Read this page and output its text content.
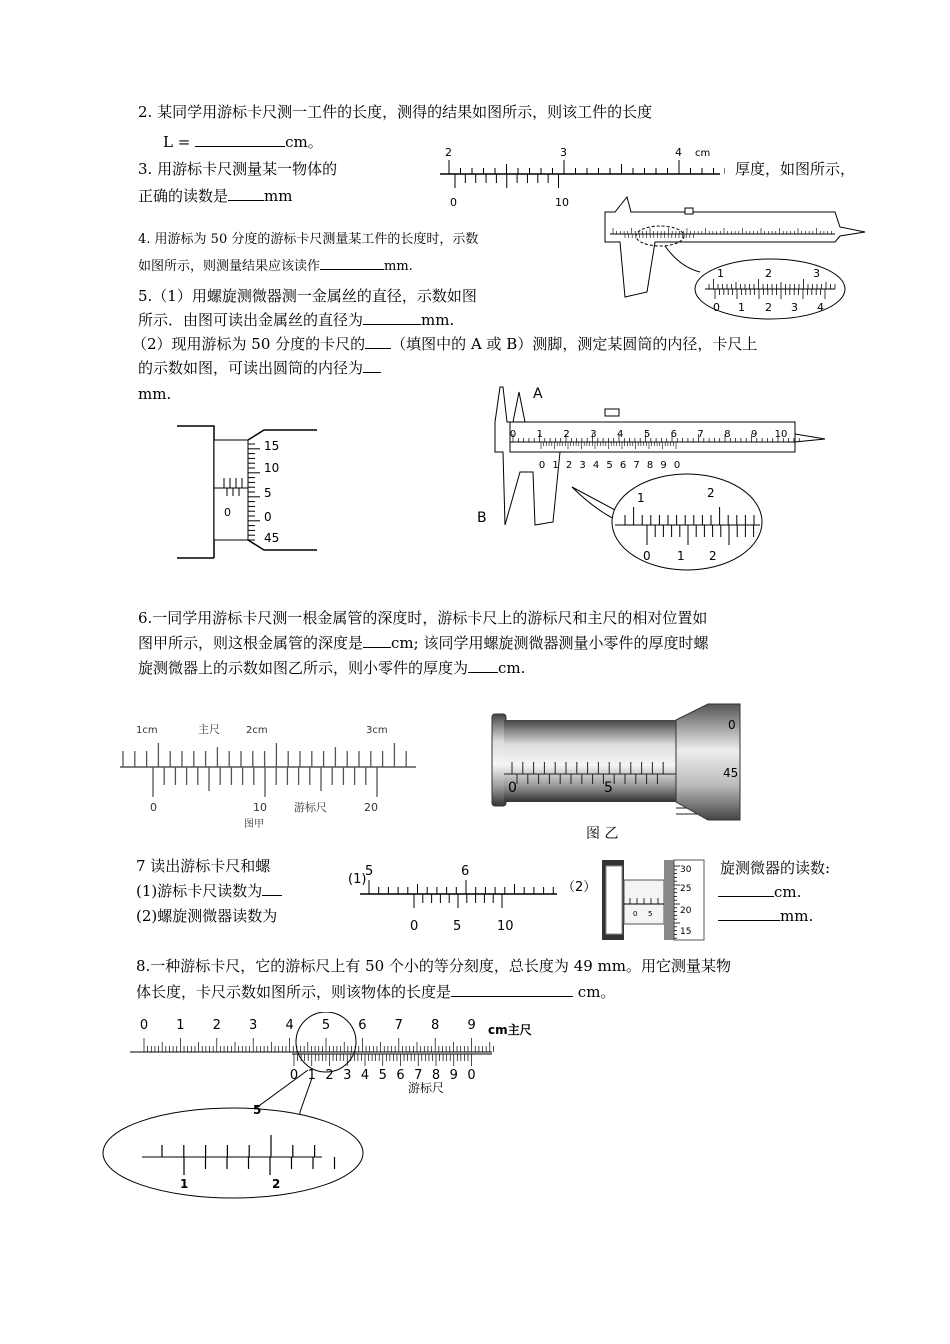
2. 某同学用游标卡尺测一工件的长度，测得的结果如图所示，则该工件的长度
L =	cm。
3. 用游标卡尺测量某一物体的	厚度，如图所示，
正确的读数是 mm
2	3	4 cm
0	10
4. 用游标为 50 分度的游标卡尺测量某工件的长度时，示数
如图所示，则测量结果应该读作	mm.	1	2	3
0 1 2 3 4
5.（1）用螺旋测微器测一金属丝的直径，示数如图
所示．由图可读出金属丝的直径为	mm.
（2）现用游标为 50 分度的卡尺的 （填图中的 A 或 B）测脚，测定某圆筒的内径，卡尺上
的示数如图，可读出圆筒的内径为
mm.
0
15
10
5
0
45
0 1 2 3 4 5 6 7 8 9 10
0 1 2 3 4 5 6 7 8 9 0
A
B
1	2
0 1 2
6.一同学用游标卡尺测一根金属管的深度时，游标卡尺上的游标尺和主尺的相对位置如
图甲所示，则这根金属管的深度是 cm; 该同学用螺旋测微器测量小零件的厚度时螺
旋测微器上的示数如图乙所示，则小零件的厚度为 cm.
1cm	主尺	2cm	3cm
0	10 游标尺	20
图甲
0
45
0	5
图 乙
7 读出游标卡尺和螺	旋测微器的读数:
(1)游标卡尺读数为	cm.
(2)螺旋测微器读数为	mm.
5	6
(1)
（2）
0	5	10
30
25
20
15
0 5
8.一种游标卡尺，它的游标尺上有 50 个小的等分刻度，总长度为 49 mm。用它测量某物
体长度，卡尺示数如图所示，则该物体的长度是	cm。
0 1 2 3 4 5 6 7 8 9
0 1 2 3 4 5 6 7 8 9 0
cm主尺
游标尺
5
1	2
